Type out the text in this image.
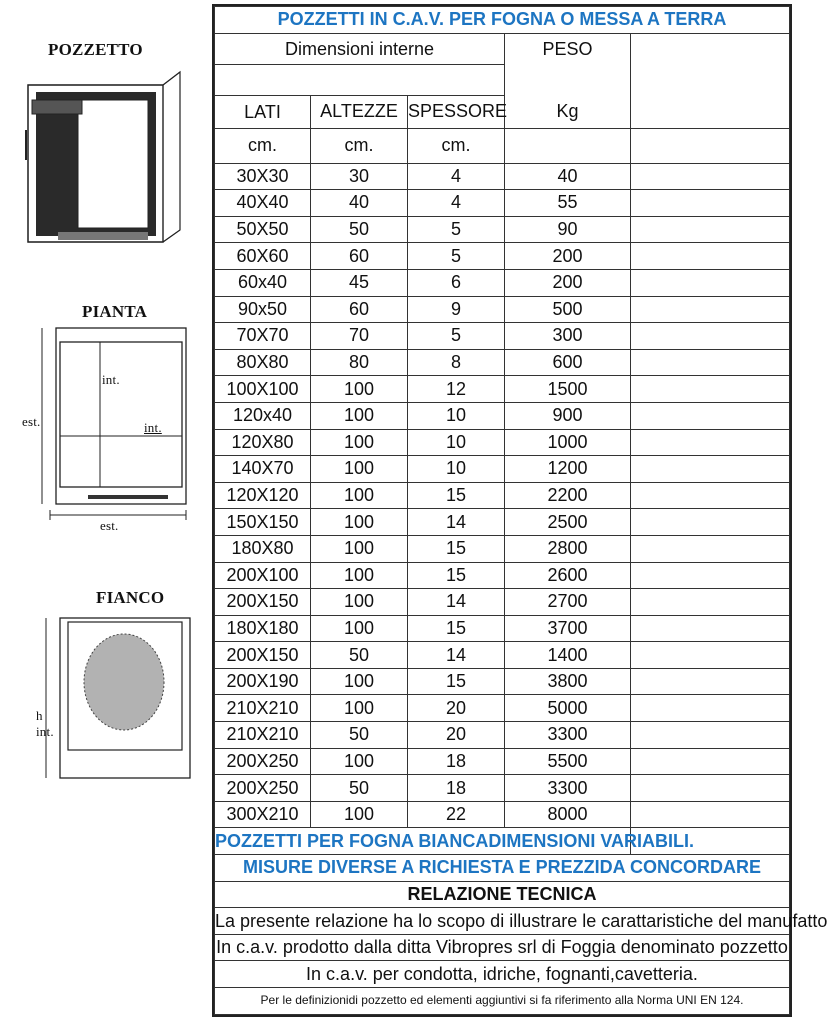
POZZETTO
PIANTA
int.
int.
est.
est.
FIANCO
h
int.
POZZETTI IN C.A.V. PER FOGNA O MESSA A TERRA				
Dimensioni interne			PESO	

LATI	ALTEZZE	SPESSORE		
cm.	cm.	cm.	Kg	
30X30	30	4	40	
40X40	40	4	55	
50X50	50	5	90	
60X60	60	5	200	
60x40	45	6	200	
90x50	60	9	500	
70X70	70	5	300	
80X80	80	8	600	
100X100	100	12	1500	
120x40	100	10	900	
120X80	100	10	1000	
140X70	100	10	1200	
120X120	100	15	2200	
150X150	100	14	2500	
180X80	100	15	2800	
200X100	100	15	2600	
200X150	100	14	2700	
180X180	100	15	3700	
200X150	50	14	1400	
200X190	100	15	3800	
210X210	100	20	5000	
210X210	50	20	3300	
200X250	100	18	5500	
200X250	50	18	3300	
300X210	100	22	8000	
POZZETTI PER FOGNA BIANCADIMENSIONI VARIABILI.				
MISURE DIVERSE A RICHIESTA E PREZZIDA CONCORDARE				
RELAZIONE TECNICA				
La presente relazione ha lo scopo di illustrare le carattaristiche del manufatto				
In c.a.v. prodotto dalla ditta Vibropres srl di Foggia denominato pozzetto				
In c.a.v. per condotta, idriche, fognanti,cavetteria.				
Per le definizionidi pozzetto ed elementi aggiuntivi si fa riferimento alla Norma UNI EN 124.				
